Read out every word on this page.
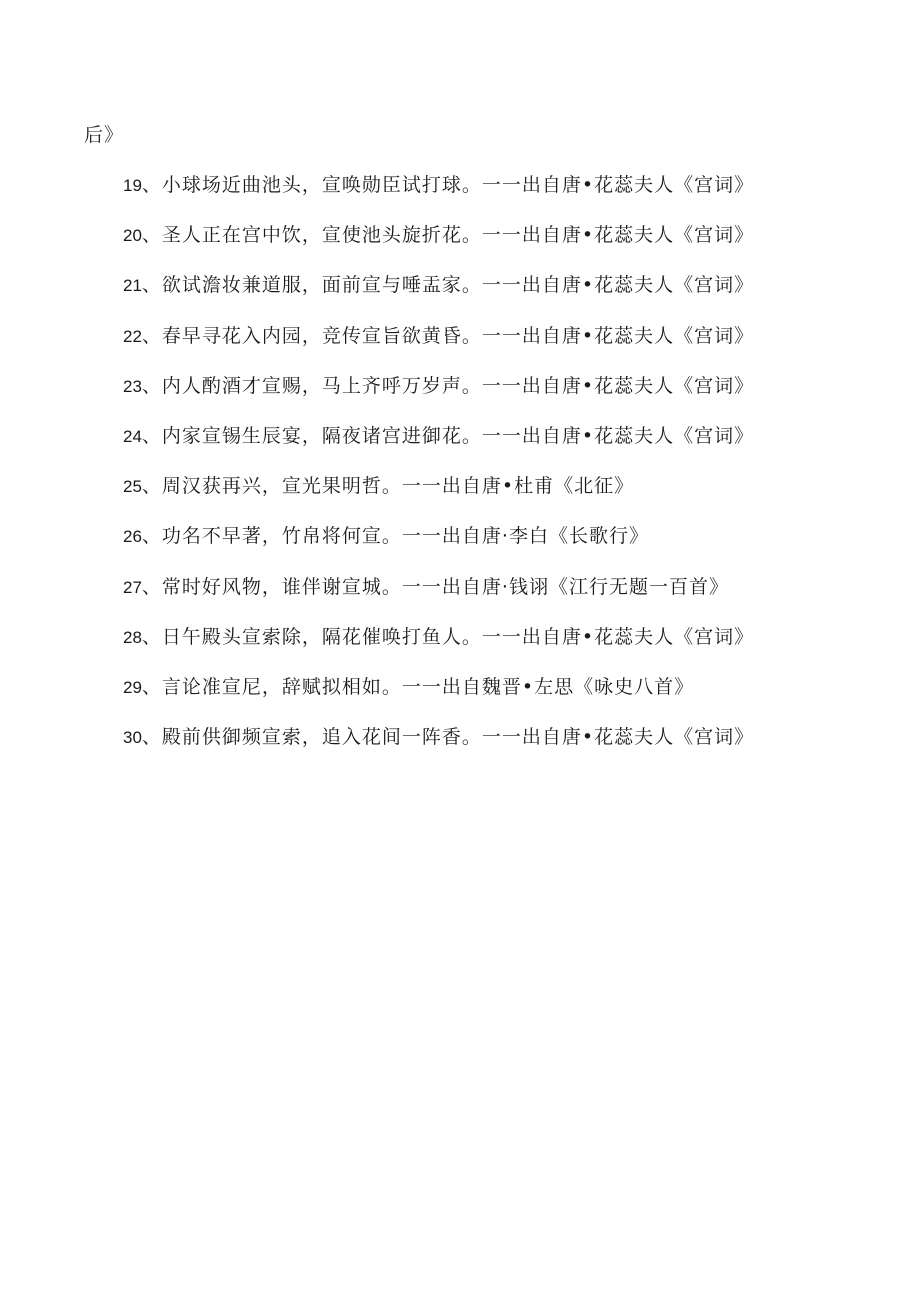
后》
19、小球场近曲池头，宣唤勋臣试打球。一一出自唐•花蕊夫人《宫词》
20、圣人正在宫中饮，宣使池头旋折花。一一出自唐•花蕊夫人《宫词》
21、欲试澹妆兼道服，面前宣与唾盂家。一一出自唐•花蕊夫人《宫词》
22、春早寻花入内园，竞传宣旨欲黄昏。一一出自唐•花蕊夫人《宫词》
23、内人酌酒才宣赐，马上齐呼万岁声。一一出自唐•花蕊夫人《宫词》
24、内家宣锡生辰宴，隔夜诸宫进御花。一一出自唐•花蕊夫人《宫词》
25、周汉获再兴，宣光果明哲。一一出自唐•杜甫《北征》
26、功名不早著，竹帛将何宣。一一出自唐·李白《长歌行》
27、常时好风物，谁伴谢宣城。一一出自唐·钱诩《江行无题一百首》
28、日午殿头宣索除，隔花催唤打鱼人。一一出自唐•花蕊夫人《宫词》
29、言论准宣尼，辞赋拟相如。一一出自魏晋•左思《咏史八首》
30、殿前供御频宣索，追入花间一阵香。一一出自唐•花蕊夫人《宫词》
